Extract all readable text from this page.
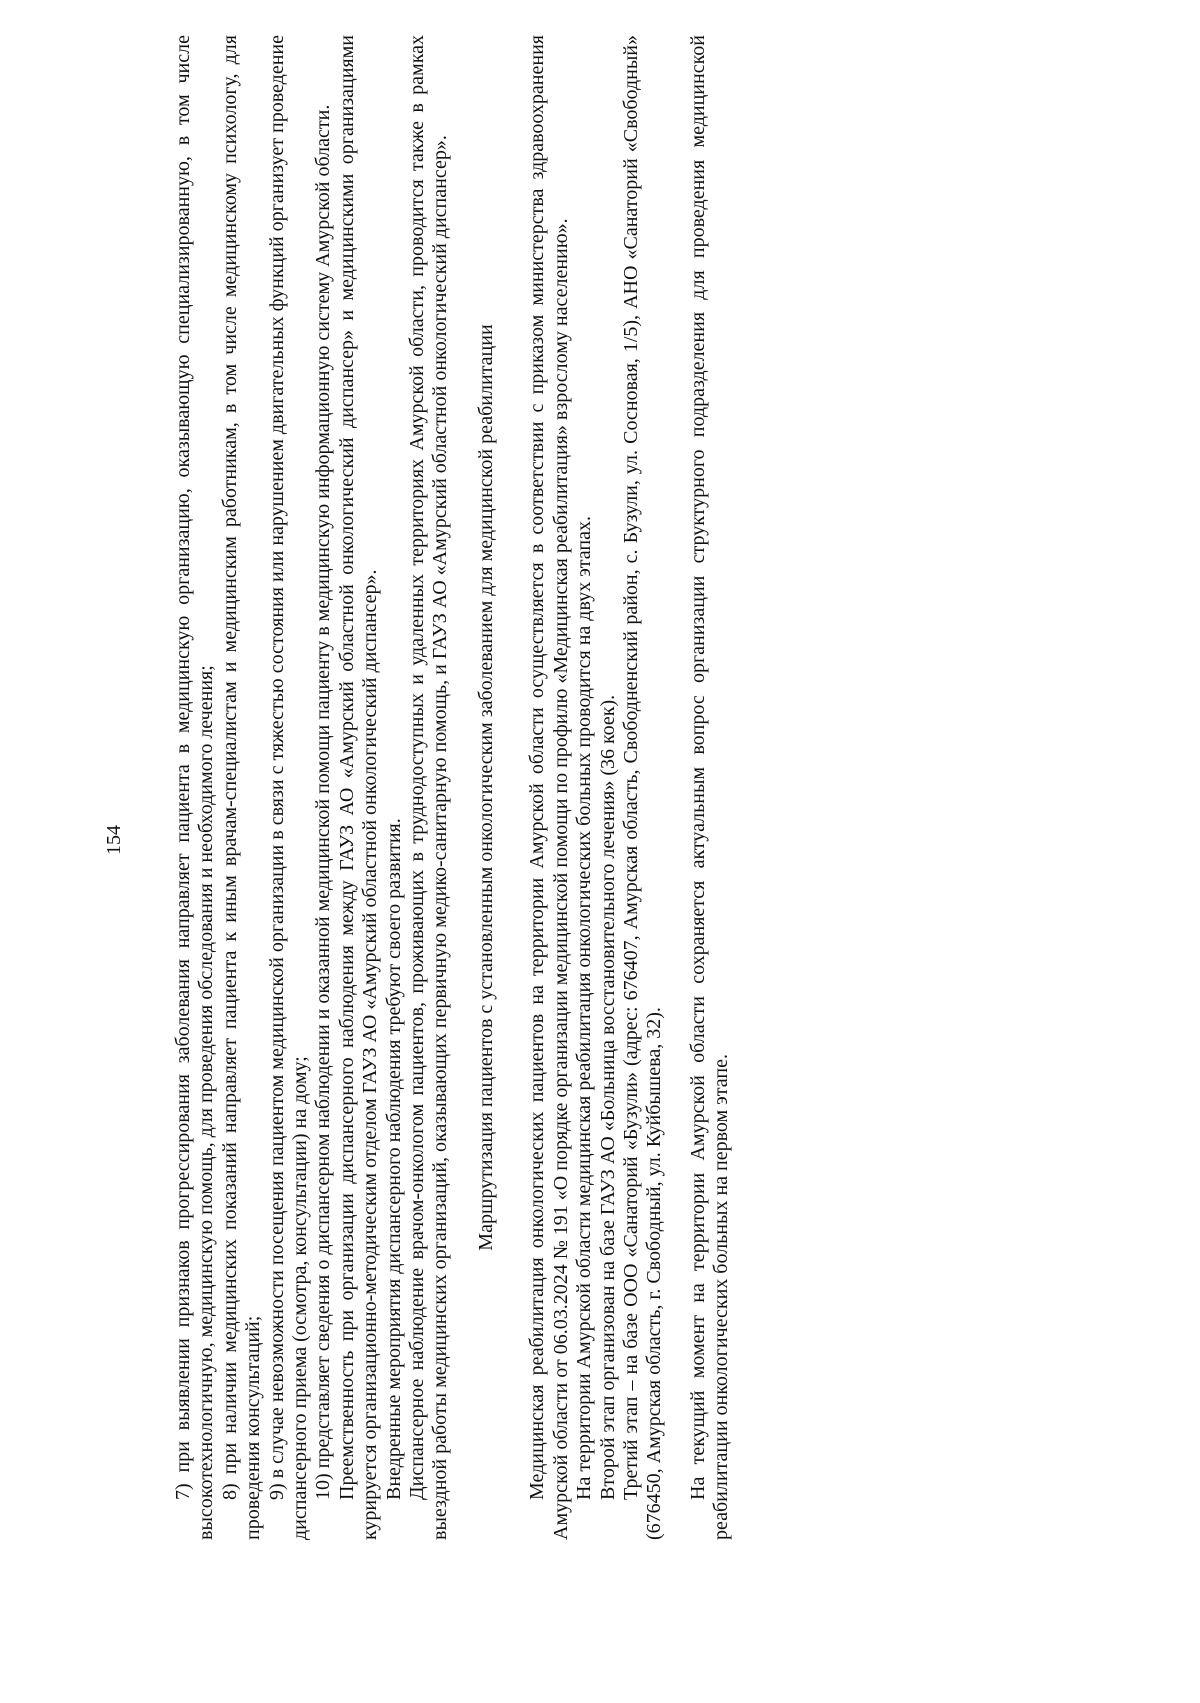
154 7) при выявлении признаков прогрессирования заболевания направляет пациента в медицинскую организацию, оказывающую специализированную, в том числе высокотехнологичную, медицинскую помощь, для проведения обследования и необходимого лечения; 8) при наличии медицинских показаний направляет пациента к иным врачам-специалистам и медицинским работникам, в том числе медицинскому психологу, для проведения консультаций; 9) в случае невозможности посещения пациентом медицинской организации в связи с тяжестью состояния или нарушением двигательных функций организует проведение диспансерного приема (осмотра, консультации) на дому; 10) представляет сведения о диспансерном наблюдении и оказанной медицинской помощи пациенту в медицинскую информационную систему Амурской области. Преемственность при организации диспансерного наблюдения между ГАУЗ АО «Амурский областной онкологический диспансер» и медицинскими организациями курируется организационно-методическим отделом ГАУЗ АО «Амурский областной онкологический диспансер». Внедренные мероприятия диспансерного наблюдения требуют своего развития. Диспансерное наблюдение врачом-онкологом пациентов, проживающих в труднодоступных и удаленных территориях Амурской области, проводится также в рамках выездной работы медицинских организаций, оказывающих первичную медико-санитарную помощь, и ГАУЗ АО «Амурский областной онкологический диспансер». Маршрутизация пациентов с установленным онкологическим заболеванием для медицинской реабилитации Медицинская реабилитация онкологических пациентов на территории Амурской области осуществляется в соответствии с приказом министерства здравоохранения Амурской области от 06.03.2024 № 191 «О порядке организации медицинской помощи по профилю «Медицинская реабилитация» взрослому населению». На территории Амурской области медицинская реабилитация онкологических больных проводится на двух этапах. Второй этап организован на базе ГАУЗ АО «Больница восстановительного лечения» (36 коек). Третий этап – на базе ООО «Санаторий «Бузули» (адрес: 676407, Амурская область, Свободненский район, с. Бузули, ул. Сосновая, 1/5), АНО «Санаторий «Свободный» (676450, Амурская область, г. Свободный, ул. Куйбышева, 32). На текущий момент на территории Амурской области сохраняется актуальным вопрос организации структурного подразделения для проведения медицинской реабилитации онкологических больных на первом этапе.
